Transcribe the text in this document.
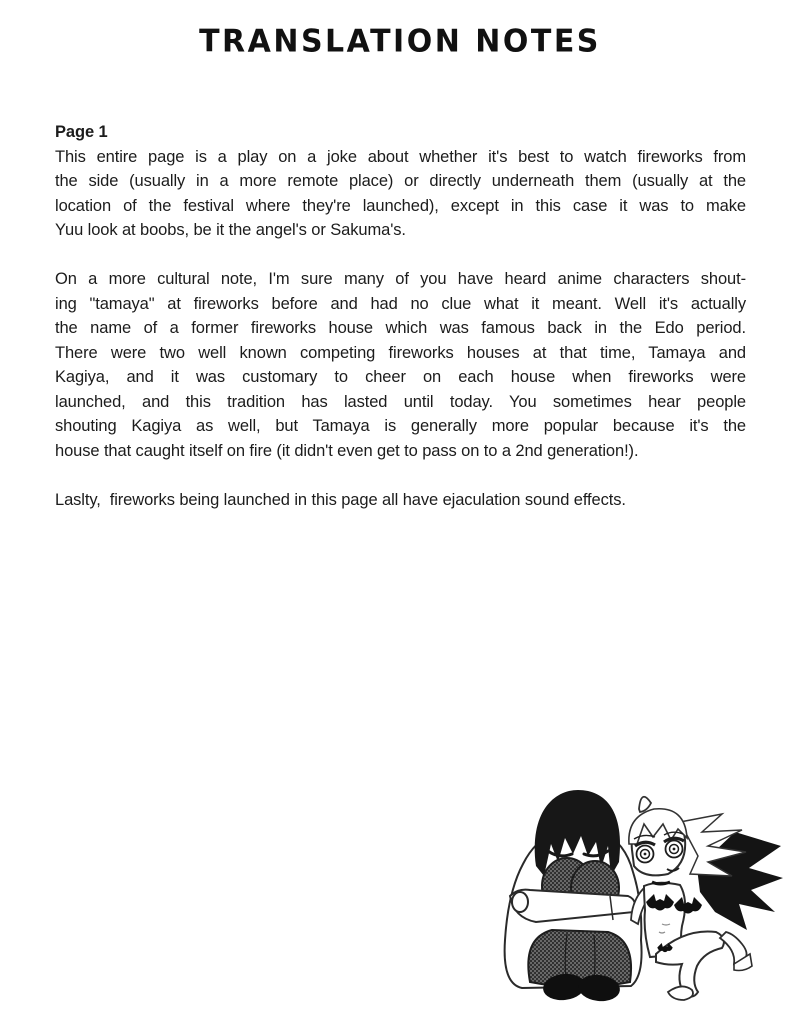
TRANSLATION NOTES
Page 1
This entire page is a play on a joke about whether it's best to watch fireworks from
the side (usually in a more remote place) or directly underneath them (usually at the
location of the festival where they're launched), except in this case it was to make
Yuu look at boobs, be it the angel's or Sakuma's.
On a more cultural note, I'm sure many of you have heard anime characters shout-
ing "tamaya" at fireworks before and had no clue what it meant. Well it's actually
the name of a former fireworks house which was famous back in the Edo period.
There were two well known competing fireworks houses at that time, Tamaya and
Kagiya, and it was customary to cheer on each house when fireworks were
launched, and this tradition has lasted until today. You sometimes hear people
shouting Kagiya as well, but Tamaya is generally more popular because it's the
house that caught itself on fire (it didn't even get to pass on to a 2nd generation!).
Laslty,  fireworks being launched in this page all have ejaculation sound effects.
